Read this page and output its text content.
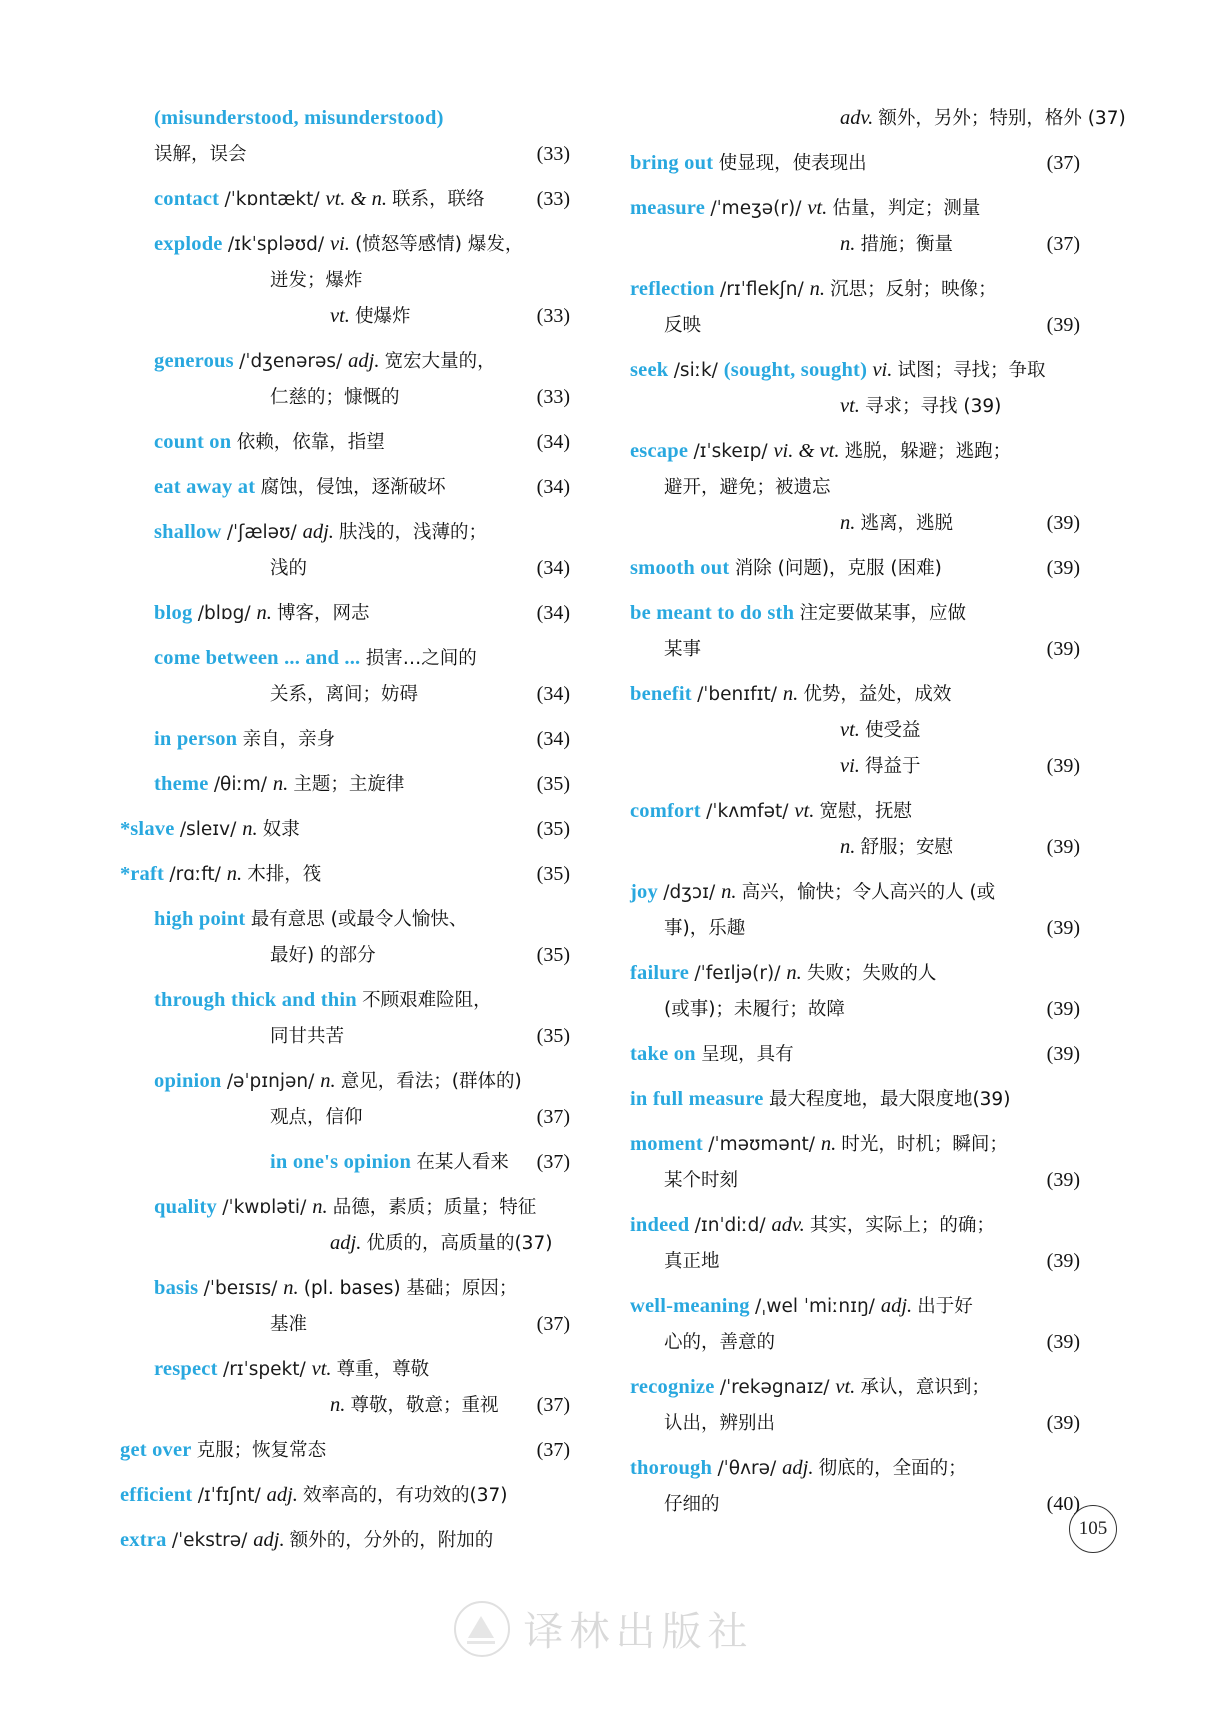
(misunderstood, misunderstood)
误解，误会	(33)
contact /ˈkɒntækt/ vt. & n. 联系，联络	(33)
explode /ɪkˈspləʊd/ vi. (愤怒等感情) 爆发，
迸发；爆炸
vt. 使爆炸	(33)
generous /ˈdʒenərəs/ adj. 宽宏大量的，
仁慈的；慷慨的	(33)
count on 依赖，依靠，指望	(34)
eat away at 腐蚀，侵蚀，逐渐破坏	(34)
shallow /ˈʃæləʊ/ adj. 肤浅的，浅薄的；
浅的	(34)
blog /blɒg/ n. 博客，网志	(34)
come between ... and ... 损害…之间的
关系，离间；妨碍	(34)
in person 亲自，亲身	(34)
theme /θiːm/ n. 主题；主旋律	(35)
*slave /sleɪv/ n. 奴隶	(35)
*raft /rɑːft/ n. 木排，筏	(35)
high point 最有意思 (或最令人愉快、
最好) 的部分	(35)
through thick and thin 不顾艰难险阻，
同甘共苦	(35)
opinion /əˈpɪnjən/ n. 意见，看法；(群体的)
观点，信仰	(37)
in one's opinion 在某人看来 (37)
quality /ˈkwɒləti/ n. 品德，素质；质量；特征
adj. 优质的，高质量的(37)
basis /ˈbeɪsɪs/ n. (pl. bases) 基础；原因；
基准	(37)
respect /rɪˈspekt/ vt. 尊重，尊敬
n. 尊敬，敬意；重视 (37)
get over 克服；恢复常态	(37)
efficient /ɪˈfɪʃnt/ adj. 效率高的，有功效的(37)
extra /ˈekstrə/ adj. 额外的，分外的，附加的
adv. 额外，另外；特别，格外 (37)
bring out 使显现，使表现出	(37)
measure /ˈmeʒə(r)/ vt. 估量，判定；测量
n. 措施；衡量	(37)
reflection /rɪˈflekʃn/ n. 沉思；反射；映像；
反映	(39)
seek /siːk/ (sought, sought) vi. 试图；寻找；争取
vt. 寻求；寻找 (39)
escape /ɪˈskeɪp/ vi. & vt. 逃脱，躲避；逃跑；
避开，避免；被遗忘
n. 逃离，逃脱	(39)
smooth out 消除 (问题)，克服 (困难)	(39)
be meant to do sth 注定要做某事，应做
某事	(39)
benefit /ˈbenɪfɪt/ n. 优势，益处，成效
vt. 使受益
vi. 得益于	(39)
comfort /ˈkʌmfət/ vt. 宽慰，抚慰
n. 舒服；安慰	(39)
joy /dʒɔɪ/ n. 高兴，愉快；令人高兴的人 (或
事)，乐趣	(39)
failure /ˈfeɪljə(r)/ n. 失败；失败的人
(或事)；未履行；故障	(39)
take on 呈现，具有	(39)
in full measure 最大程度地，最大限度地(39)
moment /ˈməʊmənt/ n. 时光，时机；瞬间；
某个时刻	(39)
indeed /ɪnˈdiːd/ adv. 其实，实际上；的确；
真正地	(39)
well-meaning /ˌwel ˈmiːnɪŋ/ adj. 出于好
心的，善意的	(39)
recognize /ˈrekəgnaɪz/ vt. 承认，意识到；
认出，辨别出	(39)
thorough /ˈθʌrə/ adj. 彻底的，全面的；
仔细的	(40)
105
译林出版社
